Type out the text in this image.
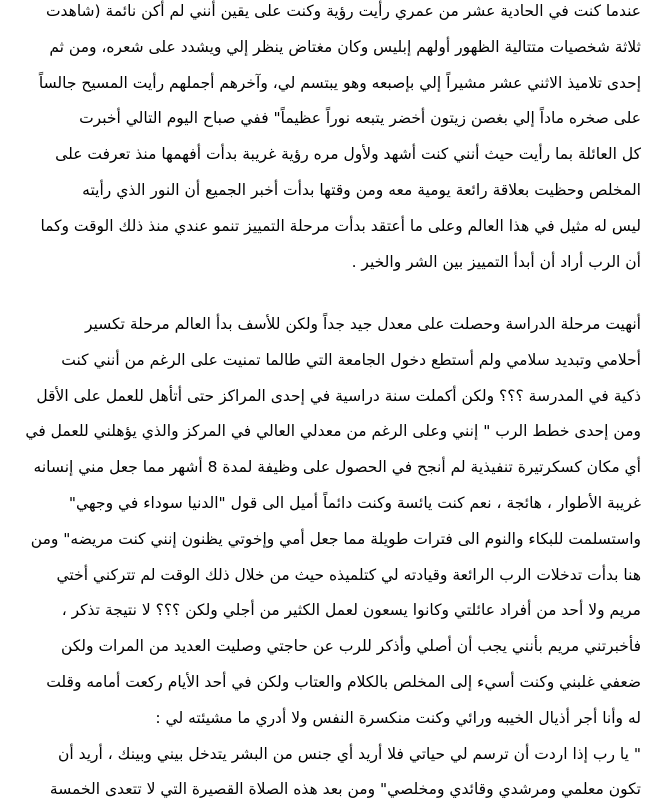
عندما كنت في الحادية عشر من عمري رأيت رؤية وكنت على يقين أنني لم أكن نائمة (شاهدت

ثلاثة شخصيات متتالية الظهور أولهم إبليس وكان مغتاض ينظر إلي ويشدد على شعره، ومن ثم

إحدى تلاميذ الاثني عشر مشيراً إلي بإصبعه وهو يبتسم لي، وآخرهم أجملهم رأيت المسيح جالساً

على صخره ماداً إلي بغصن زيتون أخضر يتبعه نوراً عظيماً" ففي صباح اليوم التالي أخبرت

كل العائلة بما رأيت حيث أنني كنت أشهد ولأول مره رؤية غريبة بدأت أفهمها منذ تعرفت على

المخلص وحظيت بعلاقة رائعة يومية معه ومن وقتها بدأت أخبر الجميع أن النور الذي رأيته

ليس له مثيل في هذا العالم وعلى ما أعتقد بدأت مرحلة التمييز تنمو عندي منذ ذلك الوقت وكما

أن الرب أراد أن أبدأ التمييز بين الشر والخير .

أنهيت مرحلة الدراسة وحصلت على معدل جيد جداً ولكن للأسف بدأ العالم مرحلة تكسير

أحلامي وتبديد سلامي ولم أستطع دخول الجامعة التي طالما تمنيت على الرغم من أنني كنت

ذكية في المدرسة ؟؟؟ ولكن أكملت سنة دراسية في إحدى المراكز حتى أتأهل للعمل على الأقل

ومن إحدى خطط الرب " إنني وعلى الرغم من معدلي العالي في المركز والذي يؤهلني للعمل في

أي مكان كسكرتيرة تنفيذية لم أنجح في الحصول على وظيفة لمدة 8 أشهر مما جعل مني إنسانه

غريبة الأطوار ، هائجة ، نعم كنت يائسة وكنت دائماً أميل الى قول "الدنيا سوداء في وجهي"

واستسلمت للبكاء والنوم الى فترات طويلة مما جعل أمي وإخوتي يظنون إنني كنت مريضه" ومن

هنا بدأت تدخلات الرب الرائعة وقيادته لي كتلميذه حيث من خلال ذلك الوقت لم تتركني أختي

مريم ولا أحد من أفراد عائلتي وكانوا يسعون لعمل الكثير من أجلي ولكن ؟؟؟ لا نتيجة تذكر ،

فأخبرتني مريم بأنني يجب أن أصلي وأذكر للرب عن حاجتي وصليت العديد من المرات ولكن

ضعفي غلبني وكنت أسيء إلى المخلص بالكلام والعتاب ولكن في أحد الأيام ركعت أمامه وقلت

له وأنا أجر أذيال الخيبه ورائي وكنت منكسرة النفس ولا أدري ما مشيئته لي :

" يا رب إذا اردت أن ترسم لي حياتي فلا أريد أي جنس من البشر يتدخل بيني وبينك ، أريد أن

تكون معلمي ومرشدي وقائدي ومخلصي" ومن بعد هذه الصلاة القصيرة التي لا تتعدى الخمسة
